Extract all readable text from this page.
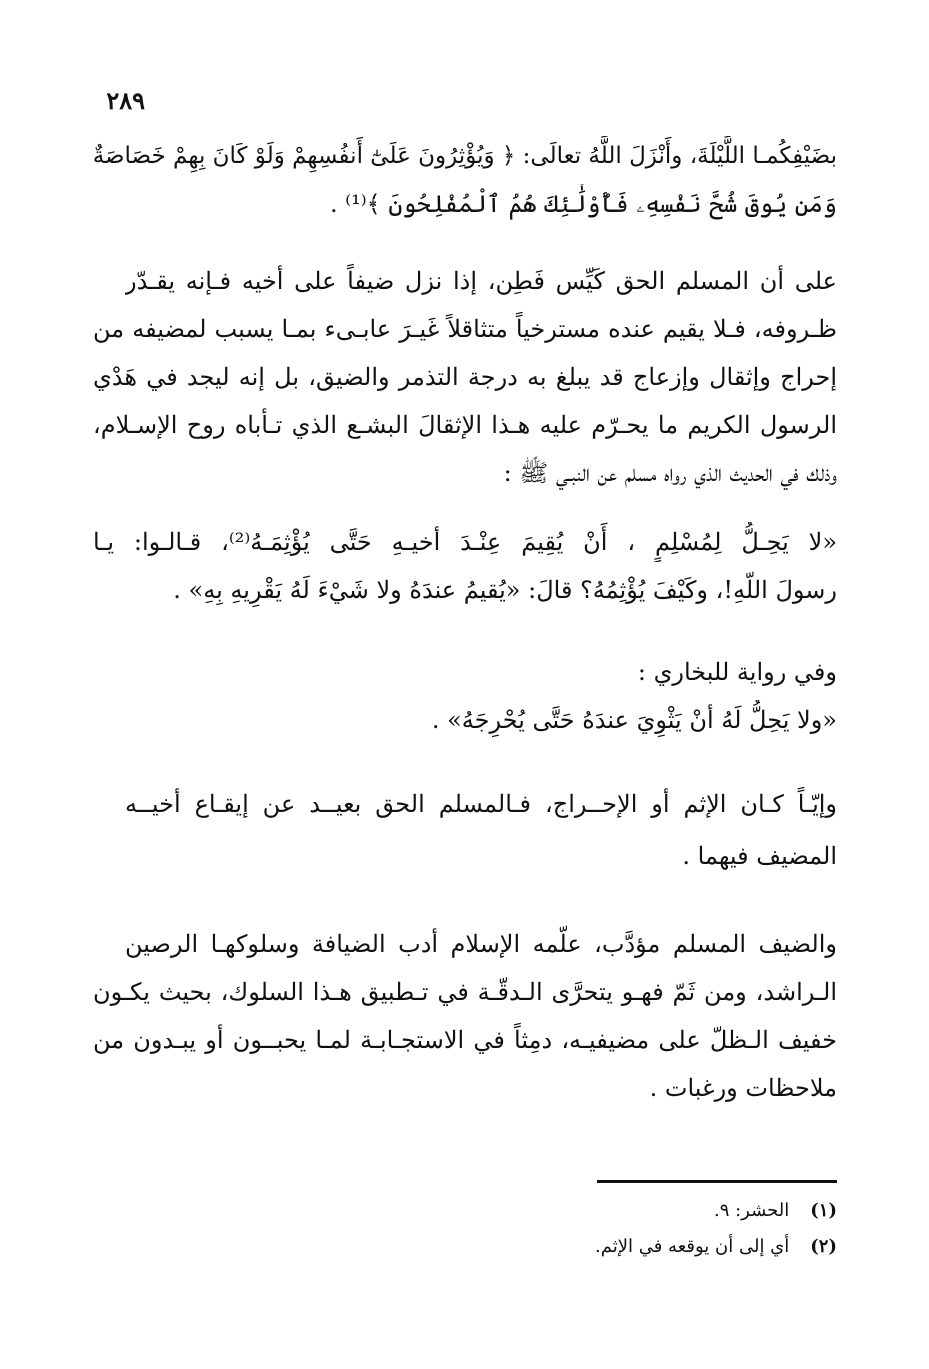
٢٨٩
بضَيْفِكُمـا اللَّيْلَةَ، وأَنْزَلَ اللَّهُ تعالَى: ﴿ وَيُؤْثِرُونَ عَلَىٰٓ أَنفُسِهِمْ وَلَوْ كَانَ بِهِمْ خَصَاصَةٌ
وَمَن يُوقَ شُحَّ نَفْسِهِۦ فَأُوْلَٰٓئِكَ هُمُ ٱلْمُفْلِحُونَ ﴾⁽¹⁾ .
على أن المسلم الحق كَيِّس فَطِن، إذا نزل ضيفاً على أخيه فـإنه يقـدّر
ظـروفه، فـلا يقيم عنده مسترخياً متثاقلاً غَيـرَ عابـىء بمـا يسبب لمضيفه من
إحراج وإثقال وإزعاج قد يبلغ به درجة التذمر والضيق، بل إنه ليجد في هَدْي
الرسول الكريم ما يحـرّم عليه هـذا الإثقالَ البشـع الذي تـأباه روح الإسـلام،
وذلك في الحديث الذي رواه مسلم عن النبـي ﷺ :
«لا يَحِـلُّ لِمُسْلِمٍ ، أَنْ يُقِيمَ عِنْـدَ أخيـهِ حَتَّى يُؤْثِمَـهُ⁽²⁾، قـالـوا: يـا
رسولَ اللّهِ!، وكَيْفَ يُؤْثِمُهُ؟ قالَ: «يُقيمُ عندَهُ ولا شَيْءَ لَهُ يَقْرِيهِ بِهِ» .
وفي رواية للبخاري :
«ولا يَحِلُّ لَهُ أنْ يَثْوِيَ عندَهُ حَتَّى يُحْرِجَهُ» .
وإيّـاً كـان الإثم أو الإحــراج، فـالمسلم الحق بعيــد عن إيقـاع أخيــه
المضيف فيهما .
والضيف المسلم مؤدَّب، علّمه الإسلام أدب الضيافة وسلوكهـا الرصين
الـراشد، ومن ثَمّ فهـو يتحرَّى الـدقّـة في تـطبيق هـذا السلوك، بحيث يكـون
خفيف الـظلّ على مضيفيـه، دمِثاً في الاستجـابـة لمـا يحبــون أو يبـدون من
ملاحظات ورغبات .
(١) الحشر: ٩.
(٢) أي إلى أن يوقعه في الإثم.
